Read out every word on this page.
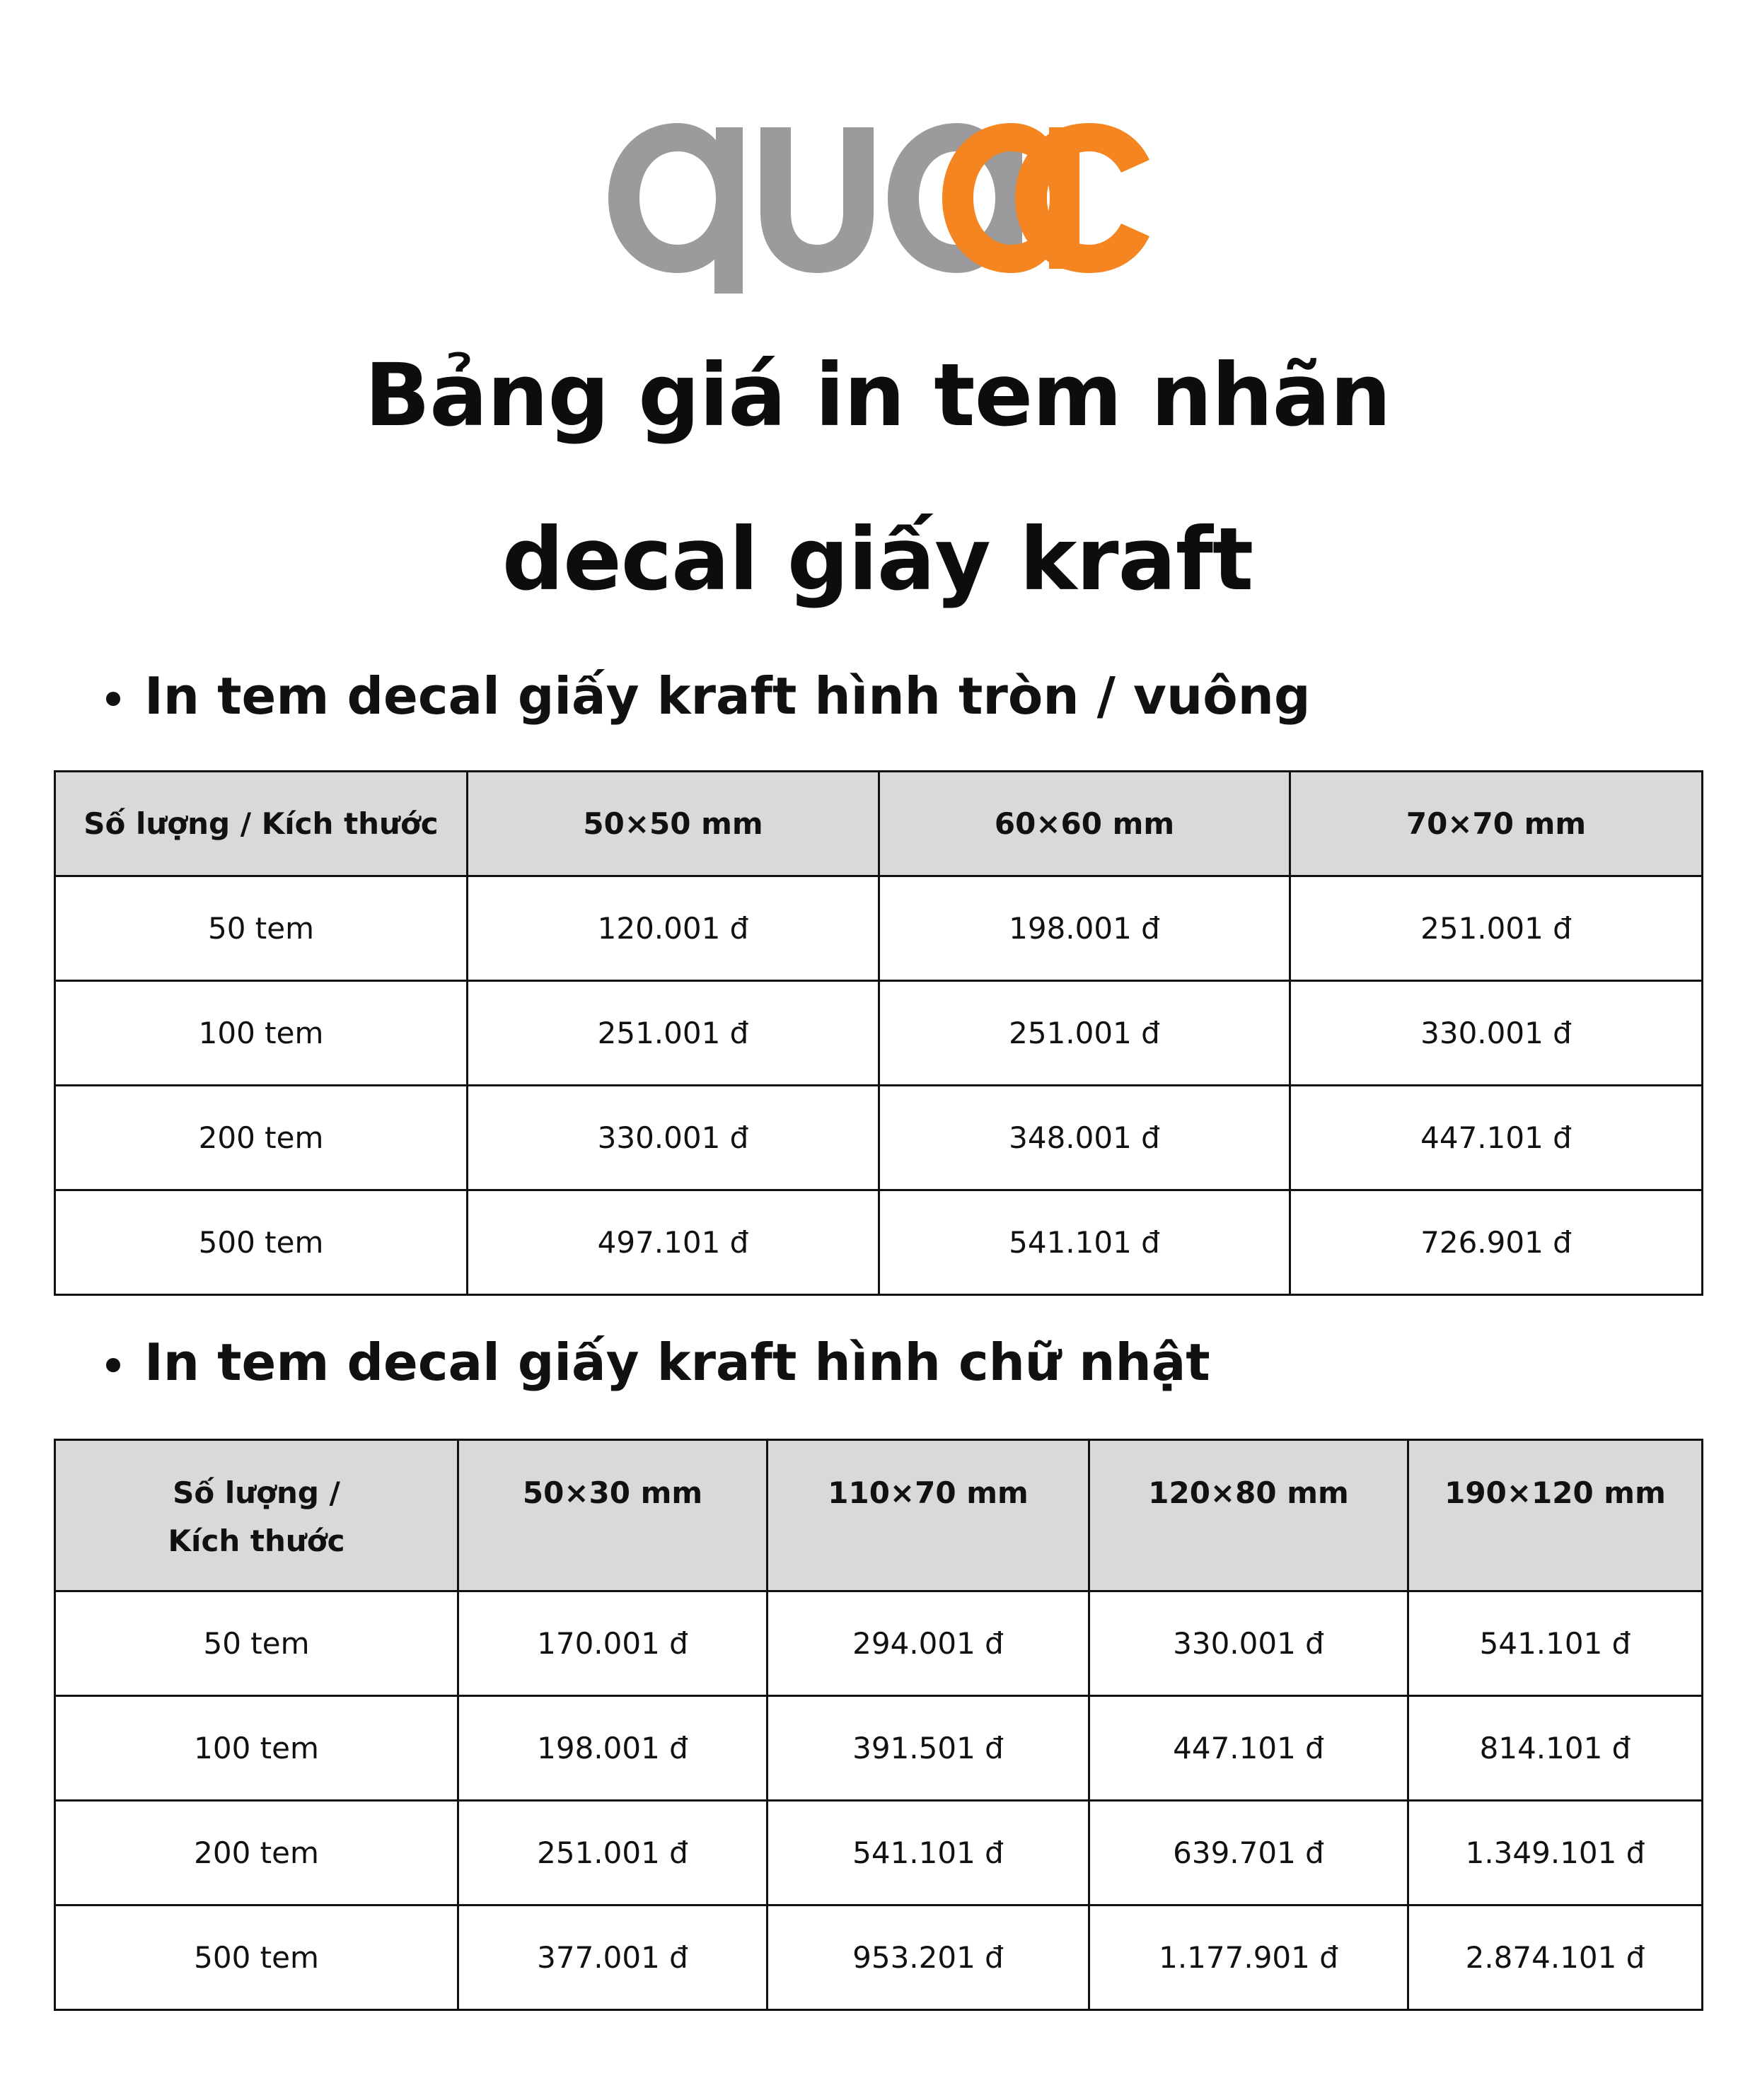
Bảng giá in tem nhãn
decal giấy kraft
In tem decal giấy kraft hình tròn / vuông
Số lượng / Kích thước	50×50 mm	60×60 mm	70×70 mm
50 tem	120.001 đ	198.001 đ	251.001 đ
100 tem	251.001 đ	251.001 đ	330.001 đ
200 tem	330.001 đ	348.001 đ	447.101 đ
500 tem	497.101 đ	541.101 đ	726.901 đ
In tem decal giấy kraft hình chữ nhật
Số lượng / Kích thước	50×30 mm	110×70 mm	120×80 mm	190×120 mm
50 tem	170.001 đ	294.001 đ	330.001 đ	541.101 đ
100 tem	198.001 đ	391.501 đ	447.101 đ	814.101 đ
200 tem	251.001 đ	541.101 đ	639.701 đ	1.349.101 đ
500 tem	377.001 đ	953.201 đ	1.177.901 đ	2.874.101 đ
